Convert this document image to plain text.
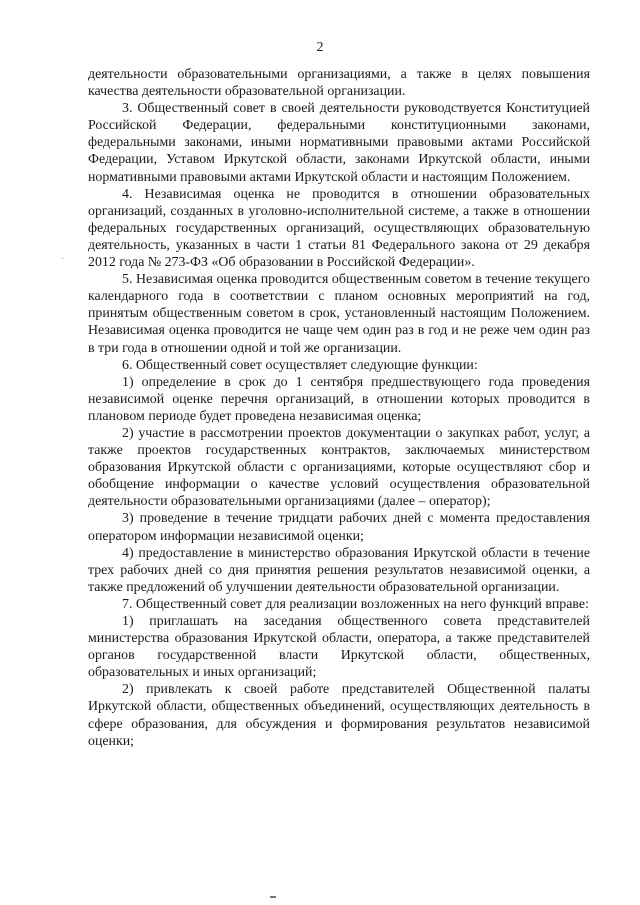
2

деятельности образовательными организациями, а также в целях повышения качества деятельности образовательной организации.

3. Общественный совет в своей деятельности руководствуется Конституцией Российской Федерации, федеральными конституционными законами, федеральными законами, иными нормативными правовыми актами Российской Федерации, Уставом Иркутской области, законами Иркутской области, иными нормативными правовыми актами Иркутской области и настоящим Положением.

4. Независимая оценка не проводится в отношении образовательных организаций, созданных в уголовно-исполнительной системе, а также в отношении федеральных государственных организаций, осуществляющих образовательную деятельность, указанных в части 1 статьи 81 Федерального закона от 29 декабря 2012 года № 273-ФЗ «Об образовании в Российской Федерации».

5. Независимая оценка проводится общественным советом в течение текущего календарного года в соответствии с планом основных мероприятий на год, принятым общественным советом в срок, установленный настоящим Положением. Независимая оценка проводится не чаще чем один раз в год и не реже чем один раз в три года в отношении одной и той же организации.

6. Общественный совет осуществляет следующие функции:

1) определение в срок до 1 сентября предшествующего года проведения независимой оценке перечня организаций, в отношении которых проводится в плановом периоде будет проведена независимая оценка;

2) участие в рассмотрении проектов документации о закупках работ, услуг, а также проектов государственных контрактов, заключаемых министерством образования Иркутской области с организациями, которые осуществляют сбор и обобщение информации о качестве условий осуществления образовательной деятельности образовательными организациями (далее – оператор);

3) проведение в течение тридцати рабочих дней с момента предоставления оператором информации независимой оценки;

4) предоставление в министерство образования Иркутской области в течение трех рабочих дней со дня принятия решения результатов независимой оценки, а также предложений об улучшении деятельности образовательной организации.

7. Общественный совет для реализации возложенных на него функций вправе:

1) приглашать на заседания общественного совета представителей министерства образования Иркутской области, оператора, а также представителей органов государственной власти Иркутской области, общественных, образовательных и иных организаций;

2) привлекать к своей работе представителей Общественной палаты Иркутской области, общественных объединений, осуществляющих деятельность в сфере образования, для обсуждения и формирования результатов независимой оценки;
